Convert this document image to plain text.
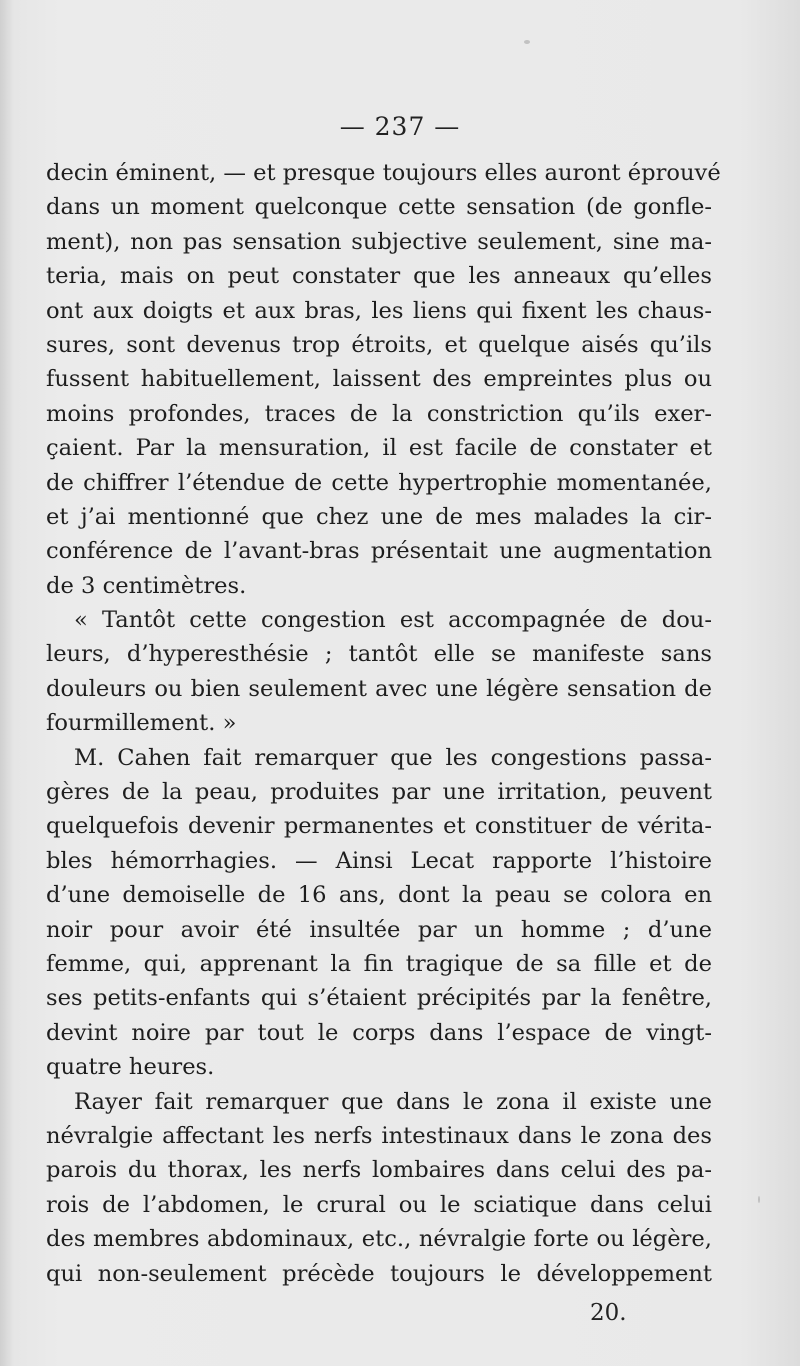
— 237 —
decin éminent, — et presque toujours elles auront éprouvé
dans un moment quelconque cette sensation (de gonfle-
ment), non pas sensation subjective seulement, sine ma-
teria, mais on peut constater que les anneaux qu’elles
ont aux doigts et aux bras, les liens qui fixent les chaus-
sures, sont devenus trop étroits, et quelque aisés qu’ils
fussent habituellement, laissent des empreintes plus ou
moins profondes, traces de la constriction qu’ils exer-
çaient. Par la mensuration, il est facile de constater et
de chiffrer l’étendue de cette hypertrophie momentanée,
et j’ai mentionné que chez une de mes malades la cir-
conférence de l’avant-bras présentait une augmentation
de 3 centimètres.
« Tantôt cette congestion est accompagnée de dou-
leurs, d’hyperesthésie ; tantôt elle se manifeste sans
douleurs ou bien seulement avec une légère sensation de
fourmillement. »
M. Cahen fait remarquer que les congestions passa-
gères de la peau, produites par une irritation, peuvent
quelquefois devenir permanentes et constituer de vérita-
bles hémorrhagies. — Ainsi Lecat rapporte l’histoire
d’une demoiselle de 16 ans, dont la peau se colora en
noir pour avoir été insultée par un homme ; d’une
femme, qui, apprenant la fin tragique de sa fille et de
ses petits-enfants qui s’étaient précipités par la fenêtre,
devint noire par tout le corps dans l’espace de vingt-
quatre heures.
Rayer fait remarquer que dans le zona il existe une
névralgie affectant les nerfs intestinaux dans le zona des
parois du thorax, les nerfs lombaires dans celui des pa-
rois de l’abdomen, le crural ou le sciatique dans celui
des membres abdominaux, etc., névralgie forte ou légère,
qui non-seulement précède toujours le développement
20.
